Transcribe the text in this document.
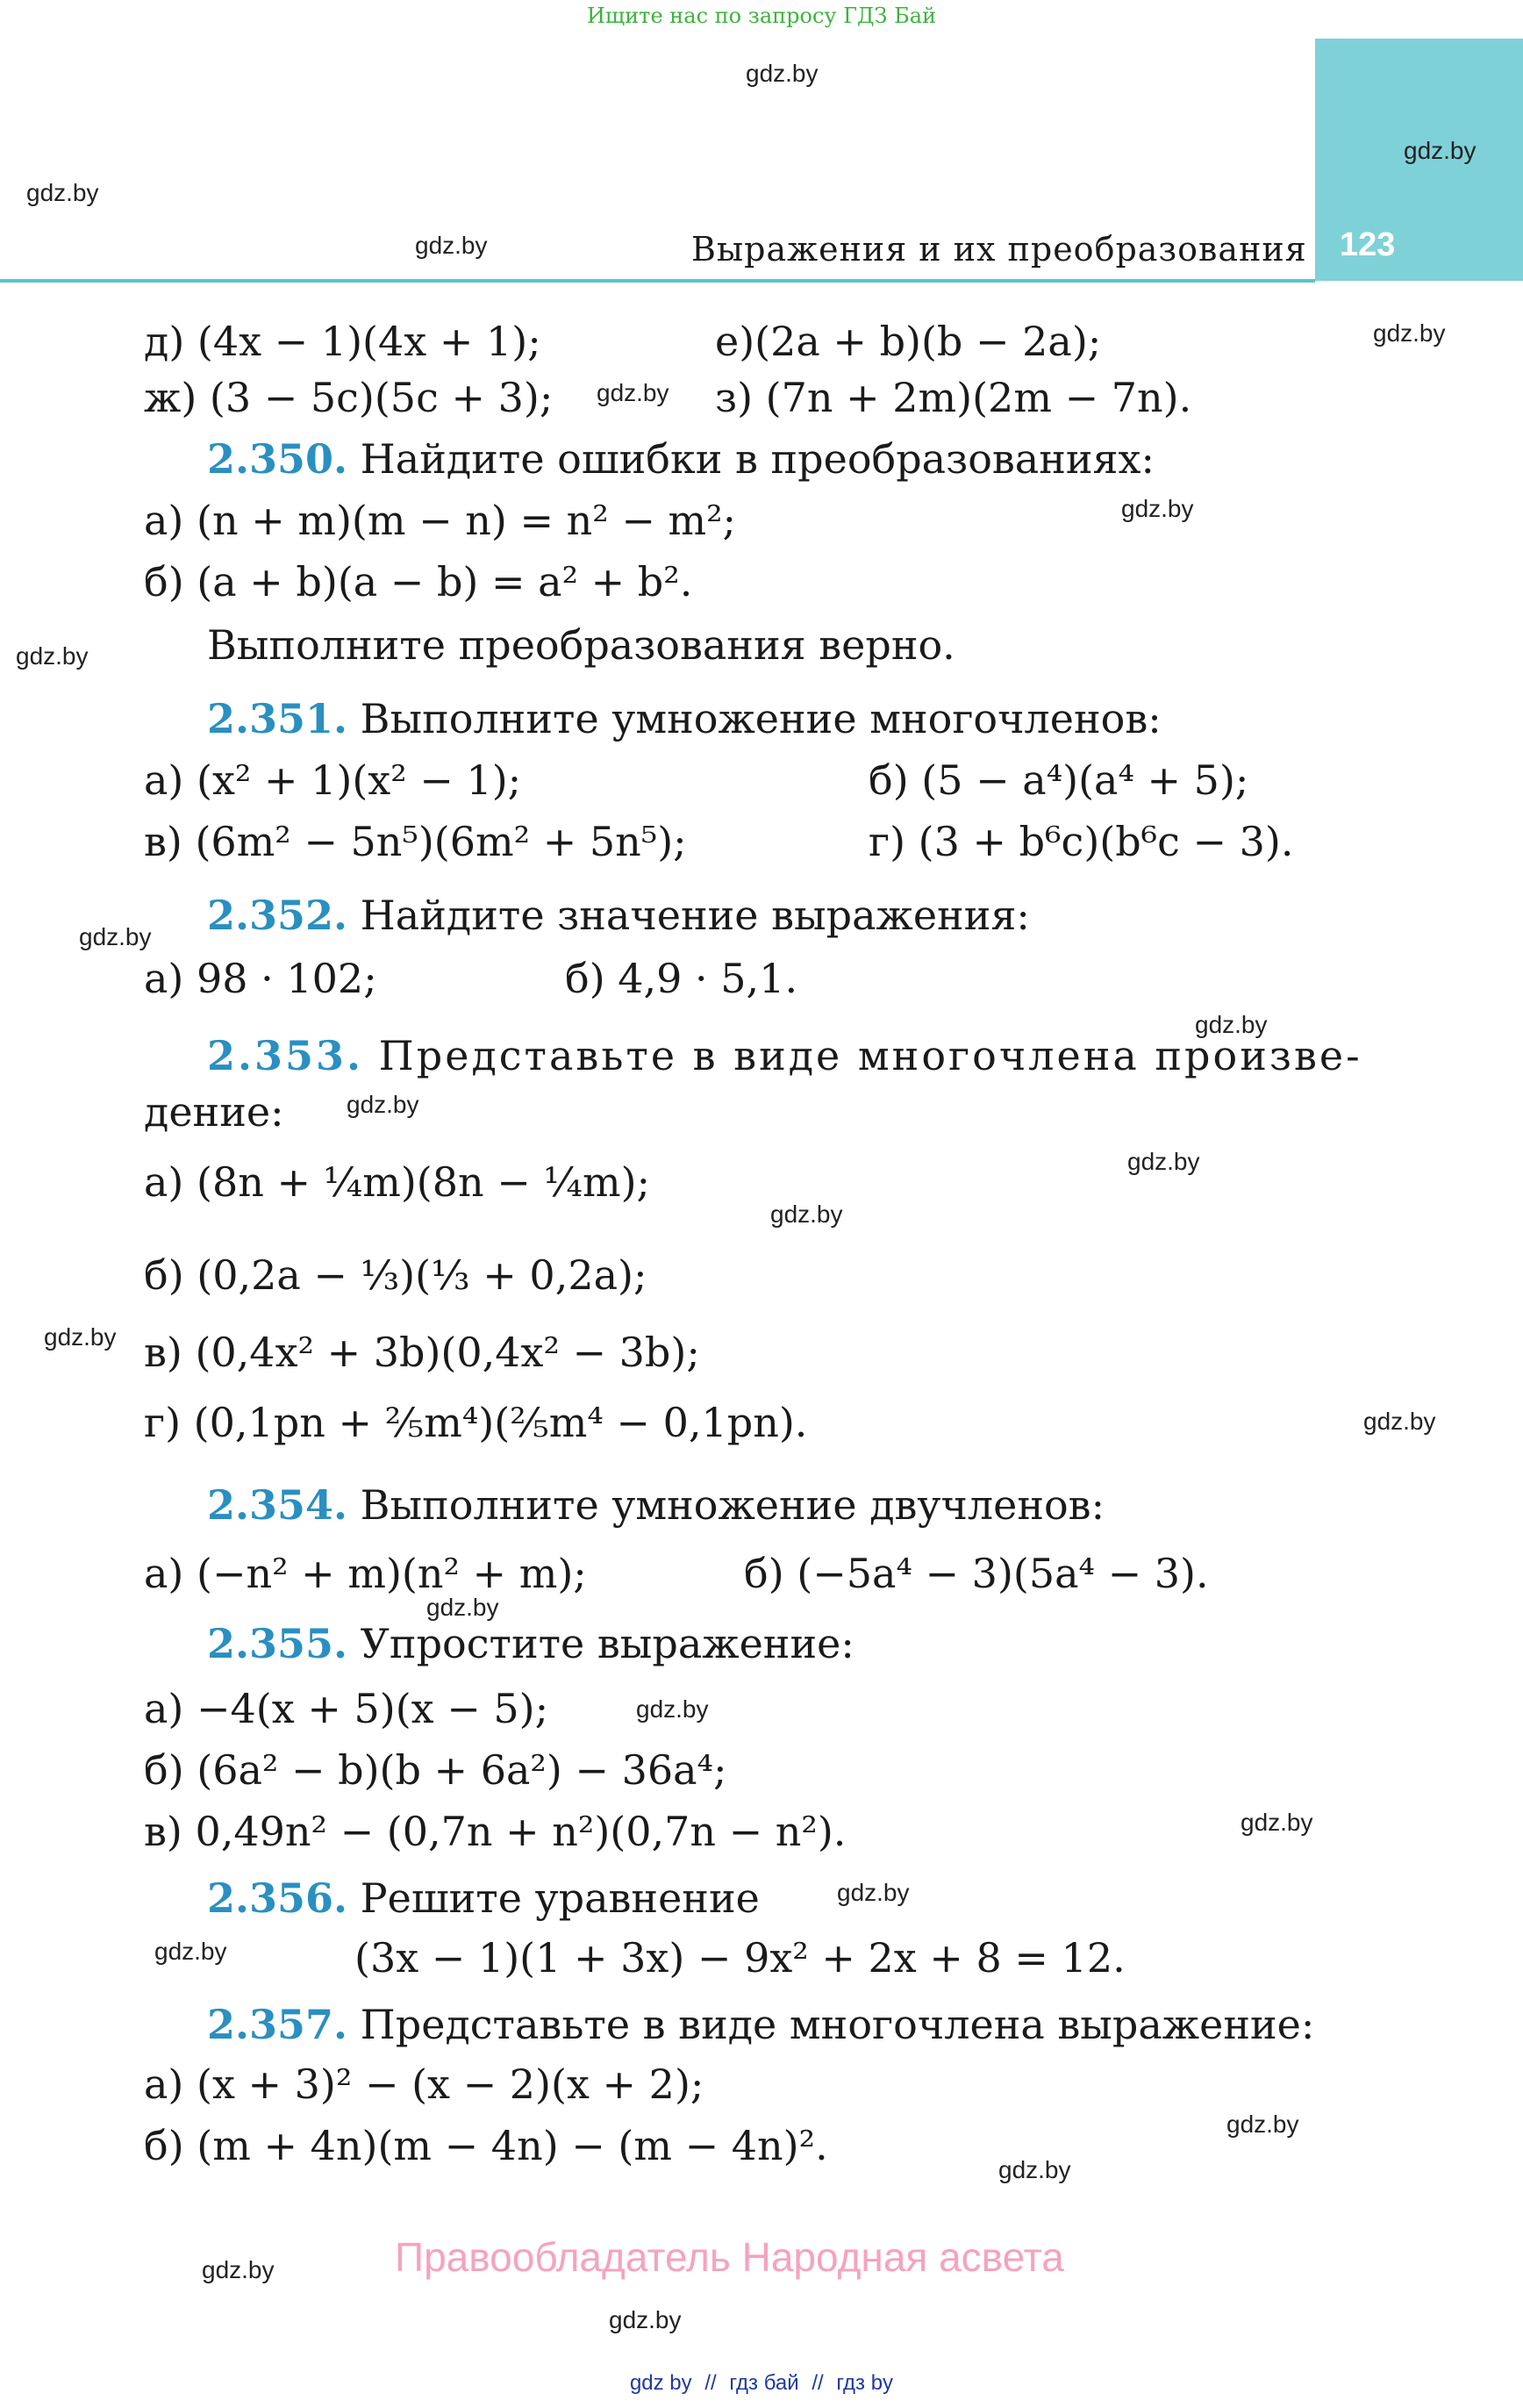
Ищите нас по запросу ГДЗ Бай
123
Выражения и их преобразования
gdz.by
gdz.by
gdz.by
gdz.by
gdz.by
gdz.by
gdz.by
gdz.by
gdz.by
gdz.by
gdz.by
gdz.by
gdz.by
gdz.by
gdz.by
gdz.by
gdz.by
gdz.by
gdz.by
gdz.by
gdz.by
gdz.by
gdz.by
gdz.by
д) (4x − 1)(4x + 1);	е)(2a + b)(b − 2a);
ж) (3 − 5c)(5c + 3);	з) (7n + 2m)(2m − 7n).
2.350. Найдите ошибки в преобразованиях:
а) (n + m)(m − n) = n² − m²;
б) (a + b)(a − b) = a² + b².
Выполните преобразования верно.
2.351. Выполните умножение многочленов:
а) (x² + 1)(x² − 1);	б) (5 − a⁴)(a⁴ + 5);
в) (6m² − 5n⁵)(6m² + 5n⁵);	г) (3 + b⁶c)(b⁶c − 3).
2.352. Найдите значение выражения:
а) 98 · 102;	б) 4,9 · 5,1.
2.353. Представьте в виде многочлена произве-
дение:
а) (8n + ¼m)(8n − ¼m);
б) (0,2a − ⅓)(⅓ + 0,2a);
в) (0,4x² + 3b)(0,4x² − 3b);
г) (0,1pn + ⅖m⁴)(⅖m⁴ − 0,1pn).
2.354. Выполните умножение двучленов:
а) (−n² + m)(n² + m);	б) (−5a⁴ − 3)(5a⁴ − 3).
2.355. Упростите выражение:
а) −4(x + 5)(x − 5);
б) (6a² − b)(b + 6a²) − 36a⁴;
в) 0,49n² − (0,7n + n²)(0,7n − n²).
2.356. Решите уравнение
(3x − 1)(1 + 3x) − 9x² + 2x + 8 = 12.
2.357. Представьте в виде многочлена выражение:
а) (x + 3)² − (x − 2)(x + 2);
б) (m + 4n)(m − 4n) − (m − 4n)².
Правообладатель Народная асвета
gdz by // гдз бай // гдз by
